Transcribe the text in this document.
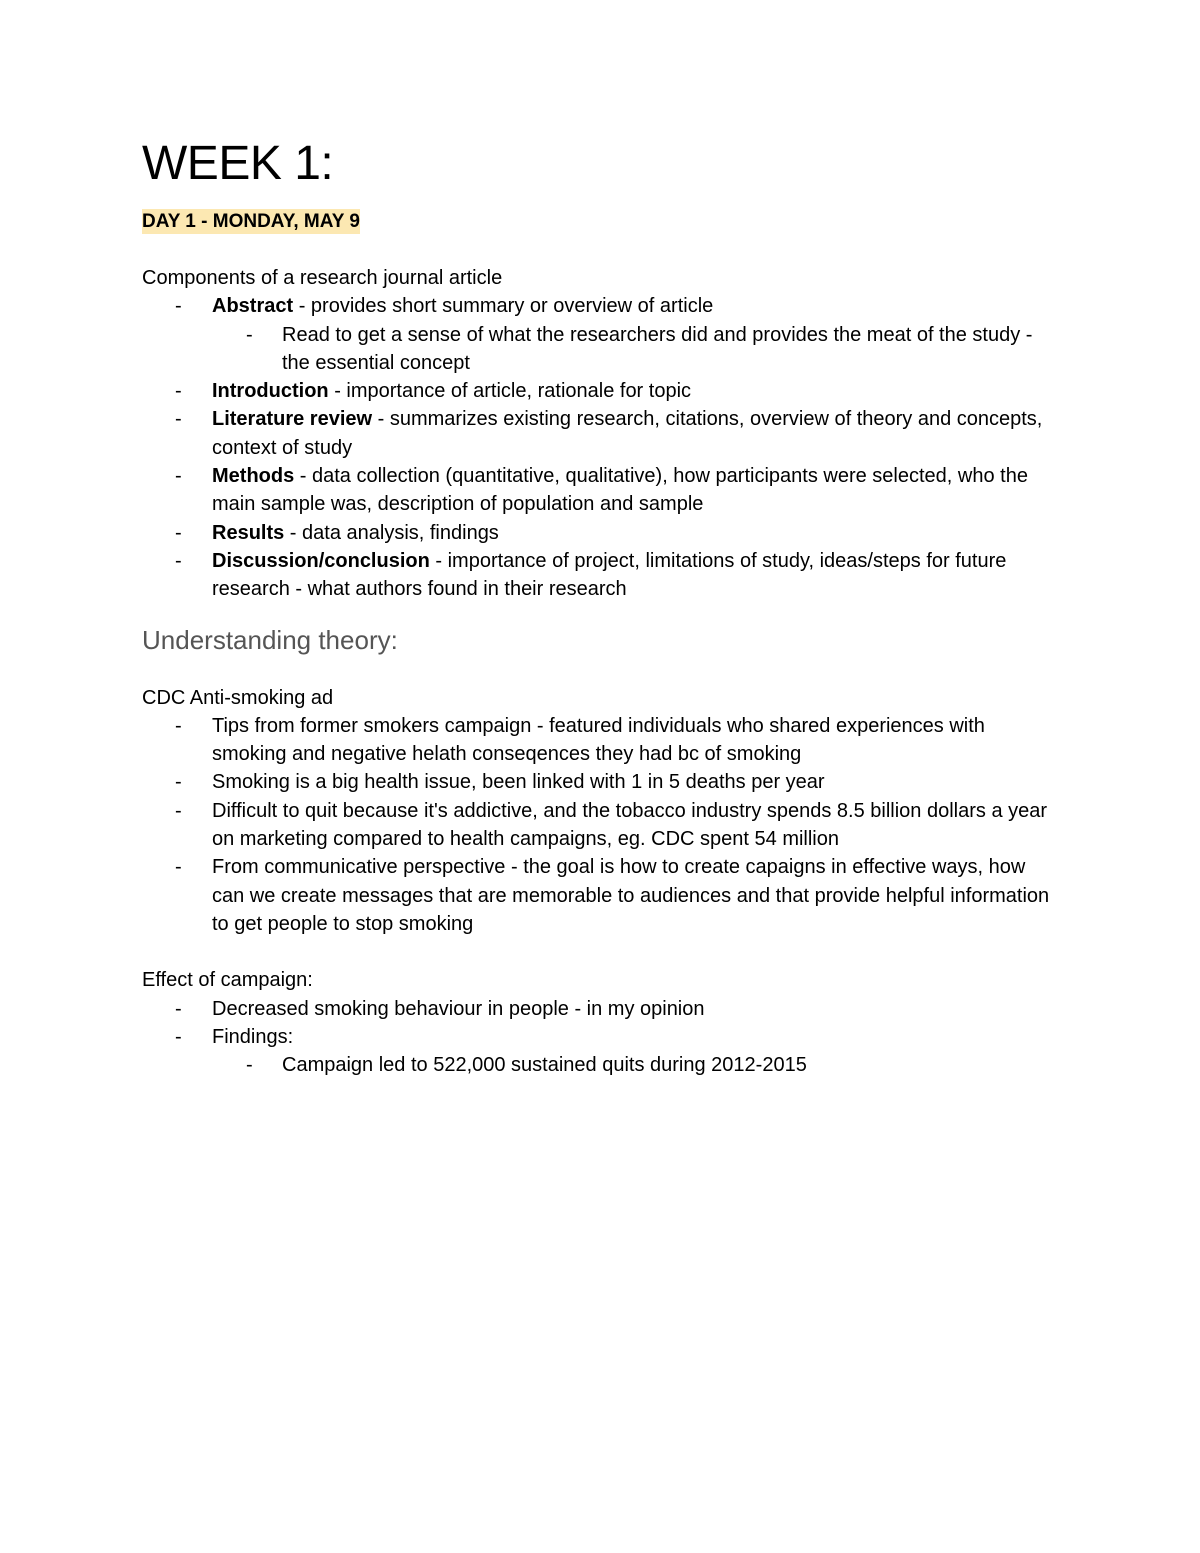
WEEK 1:
DAY 1 - MONDAY, MAY 9

Components of a research journal article

- Abstract - provides short summary or overview of article
- Read to get a sense of what the researchers did and provides the meat of the study - the essential concept
- Introduction - importance of article, rationale for topic
- Literature review - summarizes existing research, citations, overview of theory and concepts, context of study
- Methods - data collection (quantitative, qualitative), how participants were selected, who the main sample was, description of population and sample
- Results - data analysis, findings
- Discussion/conclusion - importance of project, limitations of study, ideas/steps for future research - what authors found in their research
Understanding theory:

CDC Anti-smoking ad

- Tips from former smokers campaign - featured individuals who shared experiences with smoking and negative helath conseqences they had bc of smoking
- Smoking is a big health issue, been linked with 1 in 5 deaths per year
- Difficult to quit because it's addictive, and the tobacco industry spends 8.5 billion dollars a year on marketing compared to health campaigns, eg. CDC spent 54 million
- From communicative perspective - the goal is how to create capaigns in effective ways, how can we create messages that are memorable to audiences and that provide helpful information to get people to stop smoking

Effect of campaign:

- Decreased smoking behaviour in people - in my opinion
- Findings:
- Campaign led to 522,000 sustained quits during 2012-2015
